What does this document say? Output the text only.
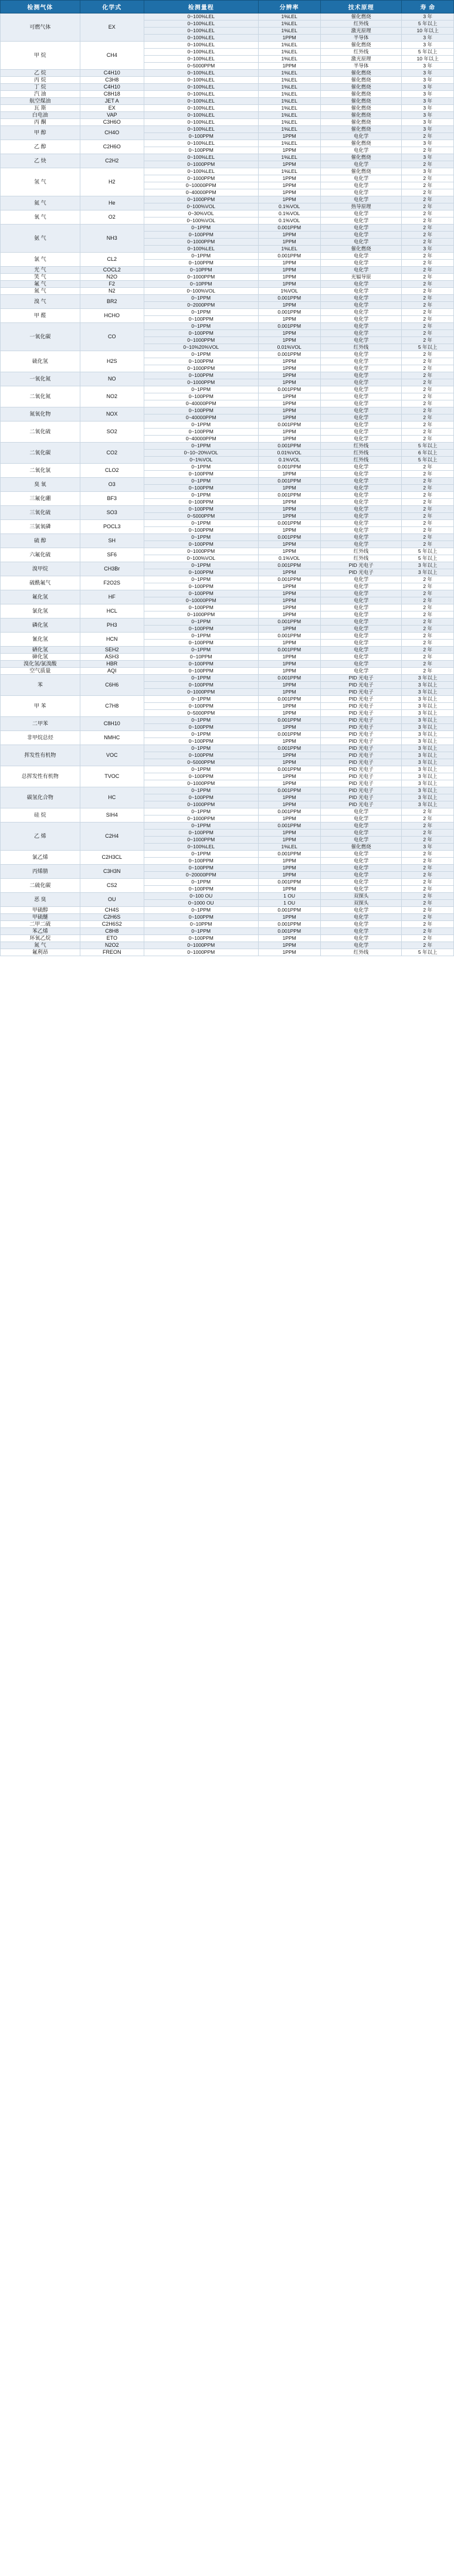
检测气体	化学式	检测量程	分辨率	技术原理	寿 命
可燃气体	EX	0~100%LEL	1%LEL	催化燃烧	3 年
		0~100%LEL	1%LEL	红外线	5 年以上
		0~100%LEL	1%LEL	激光原理	10 年以上
		0~100%LEL	1PPM	半导体	3 年
甲 烷	CH4	0~100%LEL	1%LEL	催化燃烧	3 年
		0~100%LEL	1%LEL	红外线	5 年以上
		0~100%LEL	1%LEL	激光原理	10 年以上
		0~5000PPM	1PPM	半导体	3 年
乙 烷	C4H10	0~100%LEL	1%LEL	催化燃烧	3 年
丙 烷	C3H8	0~100%LEL	1%LEL	催化燃烧	3 年
丁 烷	C4H10	0~100%LEL	1%LEL	催化燃烧	3 年
汽 油	C8H18	0~100%LEL	1%LEL	催化燃烧	3 年
航空煤油	JET A	0~100%LEL	1%LEL	催化燃烧	3 年
瓦 斯	EX	0~100%LEL	1%LEL	催化燃烧	3 年
白电油	VAP	0~100%LEL	1%LEL	催化燃烧	3 年
丙 酮	C3H6O	0~100%LEL	1%LEL	催化燃烧	3 年
甲 醇	CH4O	0~100%LEL	1%LEL	催化燃烧	3 年
		0~100PPM	1PPM	电化学	2 年
乙 醇	C2H6O	0~100%LEL	1%LEL	催化燃烧	3 年
		0~100PPM	1PPM	电化学	2 年
乙 炔	C2H2	0~100%LEL	1%LEL	催化燃烧	3 年
		0~1000PPM	1PPM	电化学	2 年
氢 气	H2	0~100%LEL	1%LEL	催化燃烧	3 年
		0~1000PPM	1PPM	电化学	2 年
		0~10000PPM	1PPM	电化学	2 年
		0~40000PPM	1PPM	电化学	2 年
氦 气	He	0~1000PPM	1PPM	电化学	2 年
		0~100%VOL	0.1%VOL	热导原理	2 年
氧 气	O2	0~30%VOL	0.1%VOL	电化学	2 年
		0~100%VOL	0.1%VOL	电化学	2 年
氨 气	NH3	0~1PPM	0.001PPM	电化学	2 年
		0~100PPM	1PPM	电化学	2 年
		0~1000PPM	1PPM	电化学	2 年
		0~100%LEL	1%LEL	催化燃烧	3 年
氯 气	CL2	0~1PPM	0.001PPM	电化学	2 年
		0~100PPM	1PPM	电化学	2 年
光 气	COCL2	0~10PPM	1PPM	电化学	2 年
笑 气	N2O	0~1000PPM	1PPM	光辐导原	2 年
氟 气	F2	0~10PPM	1PPM	电化学	2 年
氮 气	N2	0~100%VOL	1%VOL	电化学	2 年
溴 气	BR2	0~1PPM	0.001PPM	电化学	2 年
		0~2000PPM	1PPM	电化学	2 年
甲 醛	HCHO	0~1PPM	0.001PPM	电化学	2 年
		0~100PPM	1PPM	电化学	2 年
一氧化碳	CO	0~1PPM	0.001PPM	电化学	2 年
		0~100PPM	1PPM	电化学	2 年
		0~1000PPM	1PPM	电化学	2 年
		0~10%20%VOL	0.01%VOL	红外线	5 年以上
硫化氢	H2S	0~1PPM	0.001PPM	电化学	2 年
		0~100PPM	1PPM	电化学	2 年
		0~1000PPM	1PPM	电化学	2 年
一氧化氮	NO	0~100PPM	1PPM	电化学	2 年
		0~1000PPM	1PPM	电化学	2 年
二氧化氮	NO2	0~1PPM	0.001PPM	电化学	2 年
		0~100PPM	1PPM	电化学	2 年
		0~40000PPM	1PPM	电化学	2 年
氮氧化物	NOX	0~100PPM	1PPM	电化学	2 年
		0~40000PPM	1PPM	电化学	2 年
二氧化硫	SO2	0~1PPM	0.001PPM	电化学	2 年
		0~100PPM	1PPM	电化学	2 年
		0~40000PPM	1PPM	电化学	2 年
二氧化碳	CO2	0~1PPM	0.001PPM	红外线	5 年以上
		0~10~20%VOL	0.01%VOL	红外线	6 年以上
		0~1%VOL	0.1%VOL	红外线	5 年以上
二氧化氯	CLO2	0~1PPM	0.001PPM	电化学	2 年
		0~100PPM	1PPM	电化学	2 年
臭 氧	O3	0~1PPM	0.001PPM	电化学	2 年
		0~100PPM	1PPM	电化学	2 年
三氟化硼	BF3	0~1PPM	0.001PPM	电化学	2 年
		0~100PPM	1PPM	电化学	2 年
三氧化硫	SO3	0~100PPM	1PPM	电化学	2 年
		0~5000PPM	1PPM	电化学	2 年
三氯氧磷	POCL3	0~1PPM	0.001PPM	电化学	2 年
		0~100PPM	1PPM	电化学	2 年
硫 醇	SH	0~1PPM	0.001PPM	电化学	2 年
		0~100PPM	1PPM	电化学	2 年
六氟化硫	SF6	0~1000PPM	1PPM	红外线	5 年以上
		0~100%VOL	0.1%VOL	红外线	5 年以上
溴甲烷	CH3Br	0~1PPM	0.001PPM	PID 光电子	3 年以上
		0~100PPM	1PPM	PID 光电子	3 年以上
硫酰氟气	F2O2S	0~1PPM	0.001PPM	电化学	2 年
		0~100PPM	1PPM	电化学	2 年
氟化氢	HF	0~100PPM	1PPM	电化学	2 年
		0~10000PPM	1PPM	电化学	2 年
氯化氢	HCL	0~100PPM	1PPM	电化学	2 年
		0~1000PPM	1PPM	电化学	2 年
磷化氢	PH3	0~1PPM	0.001PPM	电化学	2 年
		0~100PPM	1PPM	电化学	2 年
氰化氢	HCN	0~1PPM	0.001PPM	电化学	2 年
		0~100PPM	1PPM	电化学	2 年
硒化氢	SEH2	0~1PPM	0.001PPM	电化学	2 年
砷化氢	ASH3	0~10PPM	1PPM	电化学	2 年
溴化氢/氯溴酸	HBR	0~100PPM	1PPM	电化学	2 年
空气质量	AQI	0~100PPM	1PPM	电化学	2 年
苯	C6H6	0~1PPM	0.001PPM	PID 光电子	3 年以上
		0~100PPM	1PPM	PID 光电子	3 年以上
		0~1000PPM	1PPM	PID 光电子	3 年以上
甲 苯	C7H8	0~1PPM	0.001PPM	PID 光电子	3 年以上
		0~100PPM	1PPM	PID 光电子	3 年以上
		0~5000PPM	1PPM	PID 光电子	3 年以上
二甲苯	C8H10	0~1PPM	0.001PPM	PID 光电子	3 年以上
		0~100PPM	1PPM	PID 光电子	3 年以上
非甲烷总烃	NMHC	0~1PPM	0.001PPM	PID 光电子	3 年以上
		0~100PPM	1PPM	PID 光电子	3 年以上
挥发性有机物	VOC	0~1PPM	0.001PPM	PID 光电子	3 年以上
		0~100PPM	1PPM	PID 光电子	3 年以上
		0~5000PPM	1PPM	PID 光电子	3 年以上
总挥发性有机物	TVOC	0~1PPM	0.001PPM	PID 光电子	3 年以上
		0~100PPM	1PPM	PID 光电子	3 年以上
		0~1000PPM	1PPM	PID 光电子	3 年以上
碳氢化合物	HC	0~1PPM	0.001PPM	PID 光电子	3 年以上
		0~100PPM	1PPM	PID 光电子	3 年以上
		0~1000PPM	1PPM	PID 光电子	3 年以上
硅 烷	SIH4	0~1PPM	0.001PPM	电化学	2 年
		0~1000PPM	1PPM	电化学	2 年
乙 烯	C2H4	0~1PPM	0.001PPM	电化学	2 年
		0~100PPM	1PPM	电化学	2 年
		0~1000PPM	1PPM	电化学	2 年
		0~100%LEL	1%LEL	催化燃烧	3 年
氯乙烯	C2H3CL	0~1PPM	0.001PPM	电化学	2 年
		0~100PPM	1PPM	电化学	2 年
丙烯腈	C3H3N	0~100PPM	1PPM	电化学	2 年
		0~20000PPM	1PPM	电化学	2 年
二硫化碳	CS2	0~1PPM	0.001PPM	电化学	2 年
		0~100PPM	1PPM	电化学	2 年
恶 臭	OU	0~100 OU	1 OU	双探头	2 年
		0~1000 OU	1 OU	双探头	2 年
甲硫醇	CH4S	0~1PPM	0.001PPM	电化学	2 年
甲硫醚	C2H6S	0~100PPM	1PPM	电化学	2 年
二甲二硫	C2H6S2	0~10PPM	0.001PPM	电化学	2 年
苯乙烯	C8H8	0~1PPM	0.001PPM	电化学	2 年
环氧乙烷	ETO	0~100PPM	1PPM	电化学	2 年
氮 气	N2O2	0~1000PPM	1PPM	电化学	2 年
氟利昂	FREON	0~1000PPM	1PPM	红外线	5 年以上
